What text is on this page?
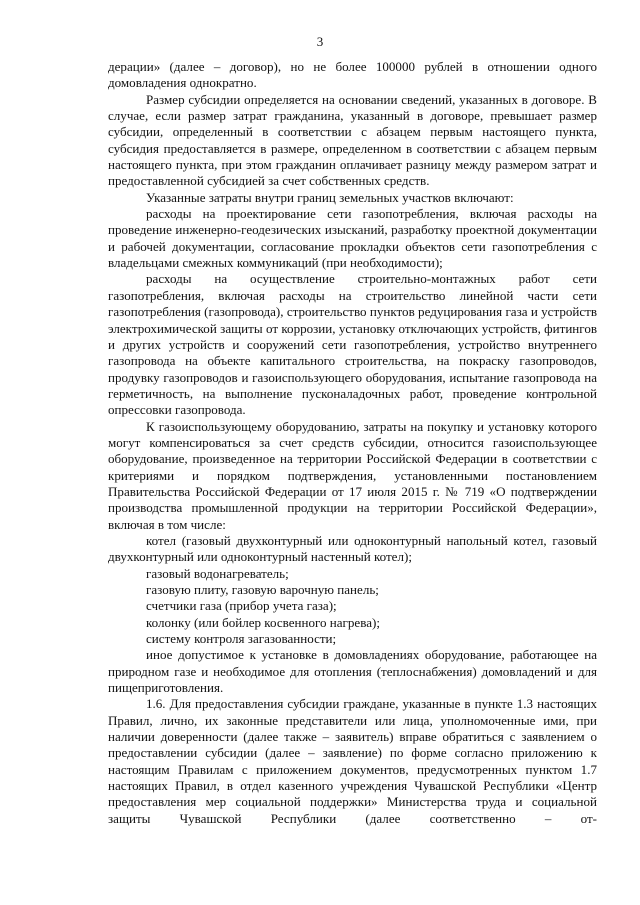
3

дерации» (далее – договор), но не более 100000 рублей в отношении одного домовладения однократно.

Размер субсидии определяется на основании сведений, указанных в договоре. В случае, если размер затрат гражданина, указанный в договоре, превышает размер субсидии, определенный в соответствии с абзацем первым настоящего пункта, субсидия предоставляется в размере, определенном в соответствии с абзацем первым настоящего пункта, при этом гражданин оплачивает разницу между размером затрат и предоставленной субсидией за счет собственных средств.

Указанные затраты внутри границ земельных участков включают:

расходы на проектирование сети газопотребления, включая расходы на проведение инженерно-геодезических изысканий, разработку проектной документации и рабочей документации, согласование прокладки объектов сети газопотребления с владельцами смежных коммуникаций (при необходимости);

расходы на осуществление строительно-монтажных работ сети газопотребления, включая расходы на строительство линейной части сети газопотребления (газопровода), строительство пунктов редуцирования газа и устройств электрохимической защиты от коррозии, установку отключающих устройств, фитингов и других устройств и сооружений сети газопотребления, устройство внутреннего газопровода на объекте капитального строительства, на покраску газопроводов, продувку газопроводов и газоиспользующего оборудования, испытание газопровода на герметичность, на выполнение пусконаладочных работ, проведение контрольной опрессовки газопровода.

К газоиспользующему оборудованию, затраты на покупку и установку которого могут компенсироваться за счет средств субсидии, относится газоиспользующее оборудование, произведенное на территории Российской Федерации в соответствии с критериями и порядком подтверждения, установленными постановлением Правительства Российской Федерации от 17 июля 2015 г. № 719 «О подтверждении производства промышленной продукции на территории Российской Федерации», включая в том числе:

котел (газовый двухконтурный или одноконтурный напольный котел, газовый двухконтурный или одноконтурный настенный котел);

газовый водонагреватель;

газовую плиту, газовую варочную панель;

счетчики газа (прибор учета газа);

колонку (или бойлер косвенного нагрева);

систему контроля загазованности;

иное допустимое к установке в домовладениях оборудование, работающее на природном газе и необходимое для отопления (теплоснабжения) домовладений и для пищеприготовления.

1.6. Для предоставления субсидии граждане, указанные в пункте 1.3 настоящих Правил, лично, их законные представители или лица, уполномоченные ими, при наличии доверенности (далее также – заявитель) вправе обратиться с заявлением о предоставлении субсидии (далее – заявление) по форме согласно приложению к настоящим Правилам с приложением документов, предусмотренных пунктом 1.7 настоящих Правил, в отдел казенного учреждения Чувашской Республики «Центр предоставления мер социальной поддержки» Министерства труда и социальной защиты Чувашской Республики (далее соответственно – от-
